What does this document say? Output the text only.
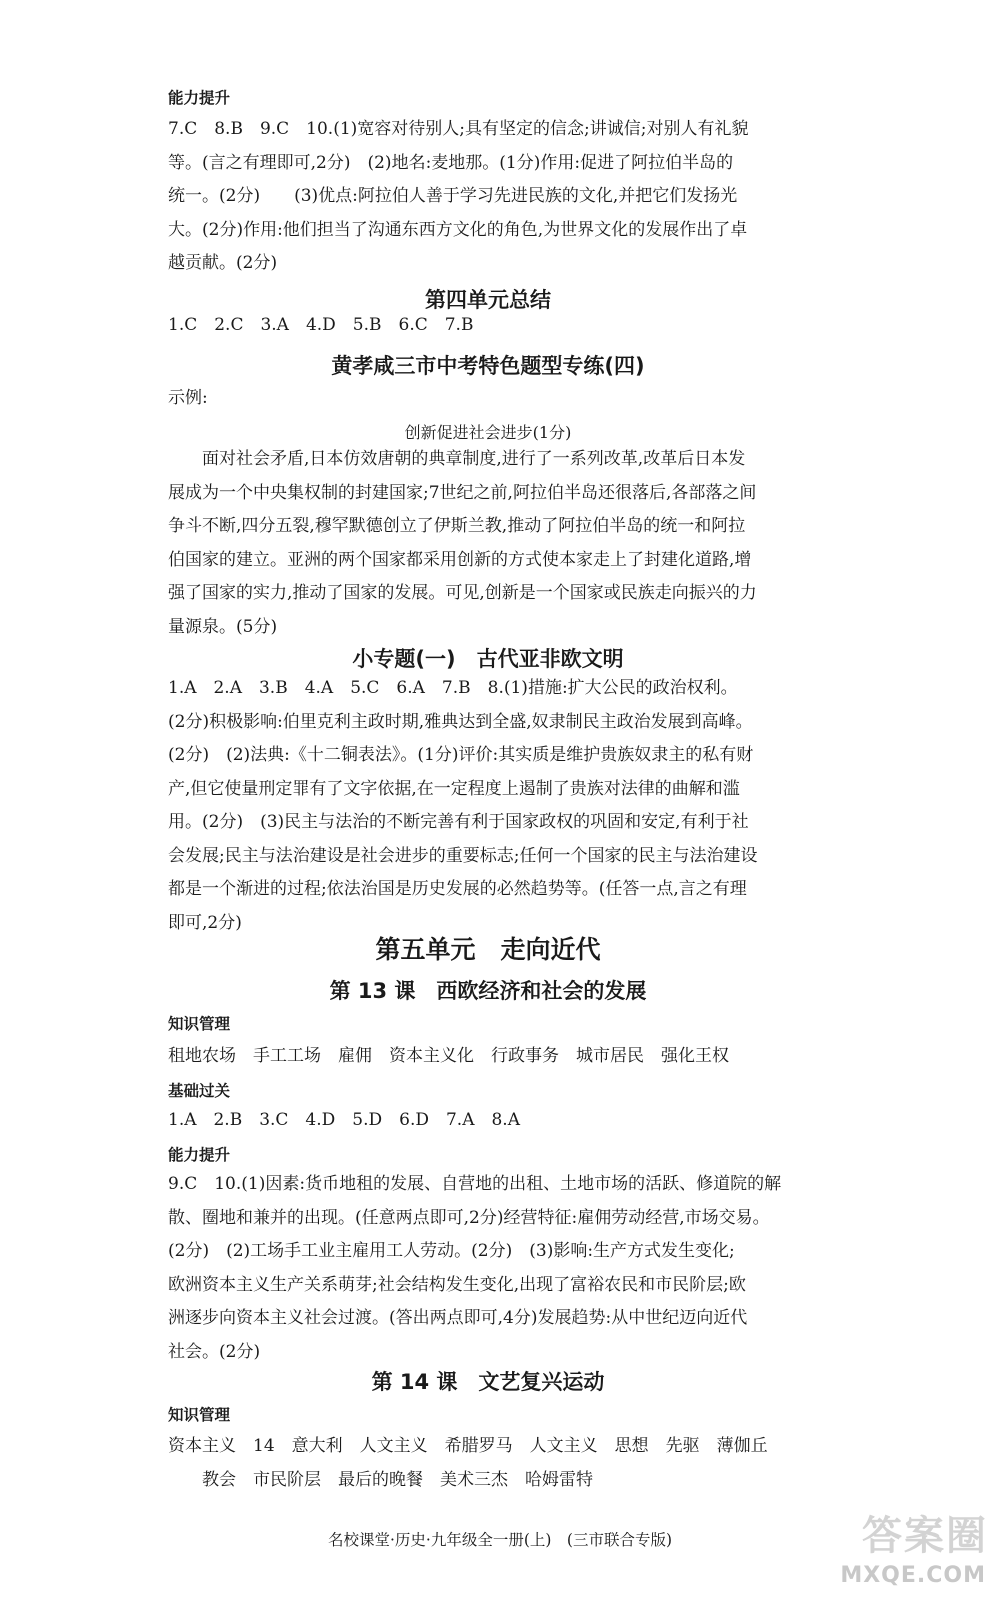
能力提升
7.C　8.B　9.C　10.(1)宽容对待别人;具有坚定的信念;讲诚信;对别人有礼貌
等。(言之有理即可,2分)　(2)地名:麦地那。(1分)作用:促进了阿拉伯半岛的
统一。(2分)　　(3)优点:阿拉伯人善于学习先进民族的文化,并把它们发扬光
大。(2分)作用:他们担当了沟通东西方文化的角色,为世界文化的发展作出了卓
越贡献。(2分)
第四单元总结
1.C　2.C　3.A　4.D　5.B　6.C　7.B
黄孝咸三市中考特色题型专练(四)
示例:
创新促进社会进步(1分)
面对社会矛盾,日本仿效唐朝的典章制度,进行了一系列改革,改革后日本发
展成为一个中央集权制的封建国家;7世纪之前,阿拉伯半岛还很落后,各部落之间
争斗不断,四分五裂,穆罕默德创立了伊斯兰教,推动了阿拉伯半岛的统一和阿拉
伯国家的建立。亚洲的两个国家都采用创新的方式使本家走上了封建化道路,增
强了国家的实力,推动了国家的发展。可见,创新是一个国家或民族走向振兴的力
量源泉。(5分)
小专题(一)　古代亚非欧文明
1.A　2.A　3.B　4.A　5.C　6.A　7.B　8.(1)措施:扩大公民的政治权利。
(2分)积极影响:伯里克利主政时期,雅典达到全盛,奴隶制民主政治发展到高峰。
(2分)　(2)法典:《十二铜表法》。(1分)评价:其实质是维护贵族奴隶主的私有财
产,但它使量刑定罪有了文字依据,在一定程度上遏制了贵族对法律的曲解和滥
用。(2分)　(3)民主与法治的不断完善有利于国家政权的巩固和安定,有利于社
会发展;民主与法治建设是社会进步的重要标志;任何一个国家的民主与法治建设
都是一个渐进的过程;依法治国是历史发展的必然趋势等。(任答一点,言之有理
即可,2分)
第五单元　走向近代
第 13 课　西欧经济和社会的发展
知识管理
租地农场　手工工场　雇佣　资本主义化　行政事务　城市居民　强化王权
基础过关
1.A　2.B　3.C　4.D　5.D　6.D　7.A　8.A
能力提升
9.C　10.(1)因素:货币地租的发展、自营地的出租、土地市场的活跃、修道院的解
散、圈地和兼并的出现。(任意两点即可,2分)经营特征:雇佣劳动经营,市场交易。
(2分)　(2)工场手工业主雇用工人劳动。(2分)　(3)影响:生产方式发生变化;
欧洲资本主义生产关系萌芽;社会结构发生变化,出现了富裕农民和市民阶层;欧
洲逐步向资本主义社会过渡。(答出两点即可,4分)发展趋势:从中世纪迈向近代
社会。(2分)
第 14 课　文艺复兴运动
知识管理
资本主义　14　意大利　人文主义　希腊罗马　人文主义　思想　先驱　薄伽丘
教会　市民阶层　最后的晚餐　美术三杰　哈姆雷特
名校课堂·历史·九年级全一册(上)　(三市联合专版)	答案圈
MXQE.COM
